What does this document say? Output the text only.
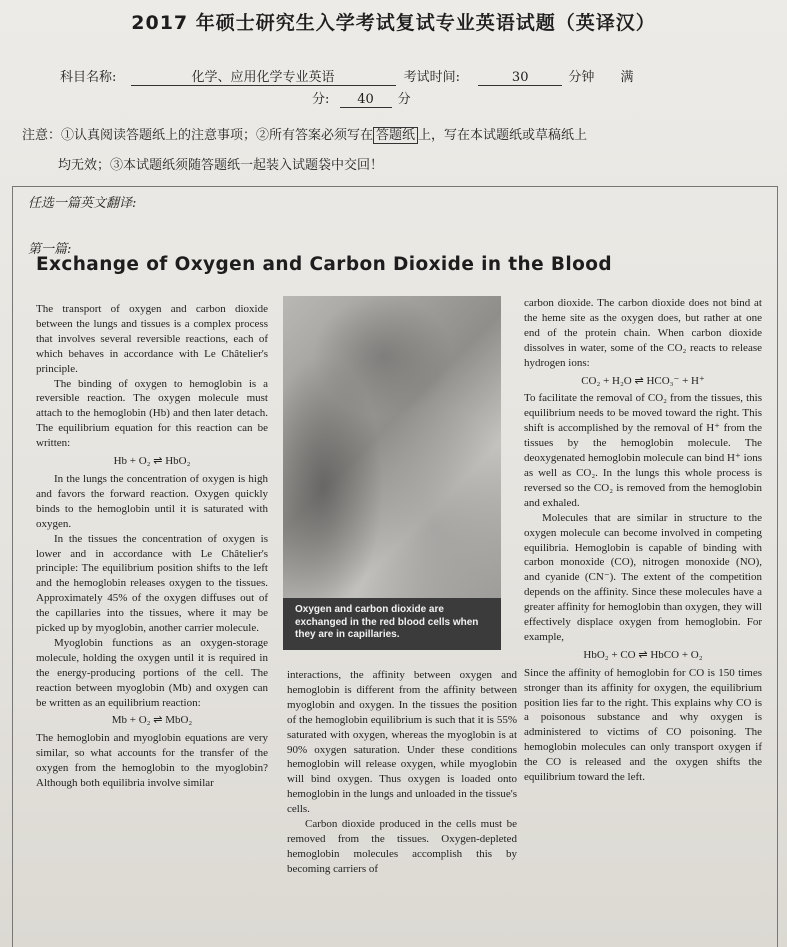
2017 年硕士研究生入学考试复试专业英语试题（英译汉）
科目名称:	化学、应用化学专业英语	考试时间:	30	分钟 满
分: 40 分
注意：①认真阅读答题纸上的注意事项；②所有答案必须写在 答题纸 上，写在本试题纸或草稿纸上
均无效；③本试题纸须随答题纸一起装入试题袋中交回！
任选一篇英文翻译:
第一篇:
Exchange of Oxygen and Carbon Dioxide in the Blood

The transport of oxygen and carbon dioxide between the lungs and tissues is a complex process that involves several reversible reactions, each of which behaves in accordance with Le Châtelier's principle.

The binding of oxygen to hemoglobin is a reversible reaction. The oxygen molecule must attach to the hemoglobin (Hb) and then later detach. The equilibrium equation for this reaction can be written:

Hb + O₂ ⇌ HbO₂

In the lungs the concentration of oxygen is high and favors the forward reaction. Oxygen quickly binds to the hemoglobin until it is saturated with oxygen.

In the tissues the concentration of oxygen is lower and in accordance with Le Châtelier's principle: The equilibrium position shifts to the left and the hemoglobin releases oxygen to the tissues. Approximately 45% of the oxygen diffuses out of the capillaries into the tissues, where it may be picked up by myoglobin, another carrier molecule.

Myoglobin functions as an oxygen-storage molecule, holding the oxygen until it is required in the energy-producing portions of the cell. The reaction between myoglobin (Mb) and oxygen can be written as an equilibrium reaction:

Mb + O₂ ⇌ MbO₂

The hemoglobin and myoglobin equations are very similar, so what accounts for the transfer of the oxygen from the hemoglobin to the myoglobin? Although both equilibria involve similar

Oxygen and carbon dioxide are exchanged in the red blood cells when they are in capillaries.

interactions, the affinity between oxygen and hemoglobin is different from the affinity between myoglobin and oxygen. In the tissues the position of the hemoglobin equilibrium is such that it is 55% saturated with oxygen, whereas the myoglobin is at 90% oxygen saturation. Under these conditions hemoglobin will release oxygen, while myoglobin will bind oxygen. Thus oxygen is loaded onto hemoglobin in the lungs and unloaded in the tissue's cells.

Carbon dioxide produced in the cells must be removed from the tissues. Oxygen-depleted hemoglobin molecules accomplish this by becoming carriers of

carbon dioxide. The carbon dioxide does not bind at the heme site as the oxygen does, but rather at one end of the protein chain. When carbon dioxide dissolves in water, some of the CO₂ reacts to release hydrogen ions:

CO₂ + H₂O ⇌ HCO₃⁻ + H⁺

To facilitate the removal of CO₂ from the tissues, this equilibrium needs to be moved toward the right. This shift is accomplished by the removal of H⁺ from the tissues by the hemoglobin molecule. The deoxygenated hemoglobin molecule can bind H⁺ ions as well as CO₂. In the lungs this whole process is reversed so the CO₂ is removed from the hemoglobin and exhaled.

Molecules that are similar in structure to the oxygen molecule can become involved in competing equilibria. Hemoglobin is capable of binding with carbon monoxide (CO), nitrogen monoxide (NO), and cyanide (CN⁻). The extent of the competition depends on the affinity. Since these molecules have a greater affinity for hemoglobin than oxygen, they will effectively displace oxygen from hemoglobin. For example,

HbO₂ + CO ⇌ HbCO + O₂

Since the affinity of hemoglobin for CO is 150 times stronger than its affinity for oxygen, the equilibrium position lies far to the right. This explains why CO is a poisonous substance and why oxygen is administered to victims of CO poisoning. The hemoglobin molecules can only transport oxygen if the CO is released and the oxygen shifts the equilibrium toward the left.
